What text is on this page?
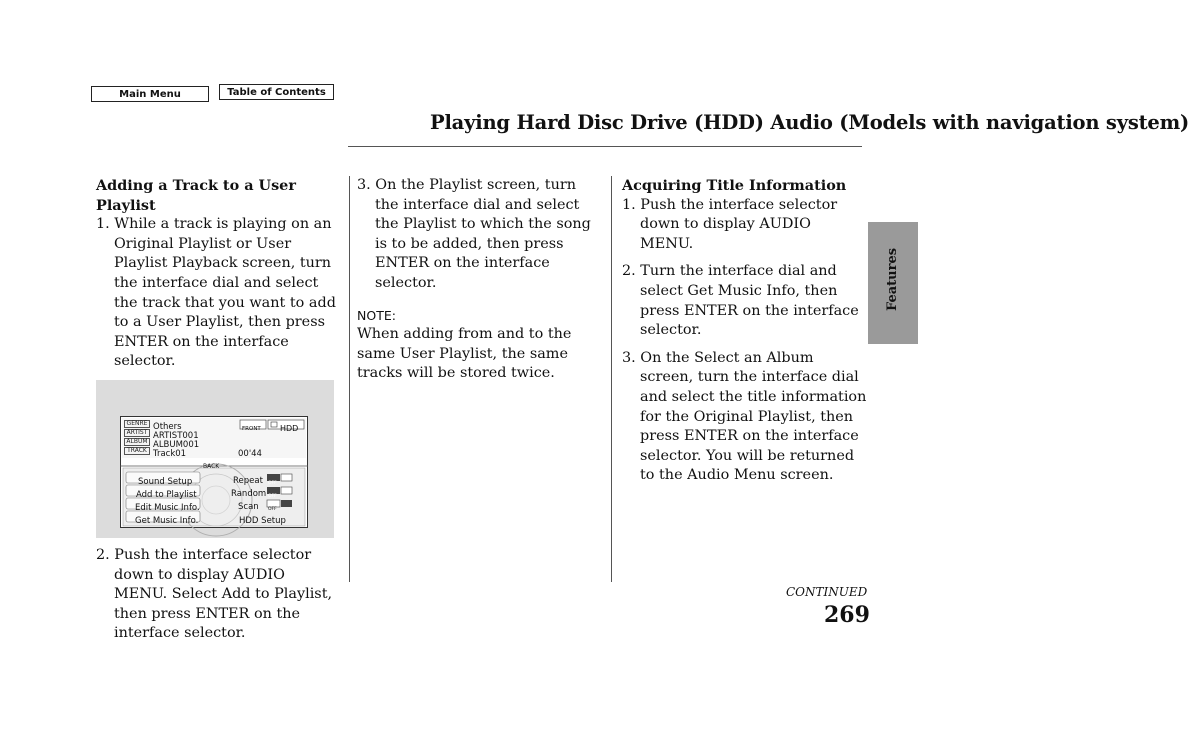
Main Menu	Table of Contents
Playing Hard Disc Drive (HDD) Audio (Models with navigation system)
Features
Adding a Track to a User Playlist
1. While a track is playing on an Original Playlist or User Playlist Playback screen, turn the interface dial and select the track that you want to add to a User Playlist, then press ENTER on the interface selector.
GENRE
ARTIST
ALBUM
TRACK
Others
ARTIST001
ALBUM001
Track01	00'44
FRONT HDD
BACK
Sound Setup
Add to Playlist
Edit Music Info.
Get Music Info.
Repeat
Random
Scan
HDD Setup
OFF
OFF
OFF
2. Push the interface selector down to display AUDIO MENU. Select Add to Playlist, then press ENTER on the interface selector.
3. On the Playlist screen, turn the interface dial and select the Playlist to which the song is to be added, then press ENTER on the interface selector.
NOTE:
When adding from and to the same User Playlist, the same tracks will be stored twice.
Acquiring Title Information
1. Push the interface selector down to display AUDIO MENU.
2. Turn the interface dial and select Get Music Info, then press ENTER on the interface selector.
3. On the Select an Album screen, turn the interface dial and select the title information for the Original Playlist, then press ENTER on the interface selector. You will be returned to the Audio Menu screen.
CONTINUED
269
